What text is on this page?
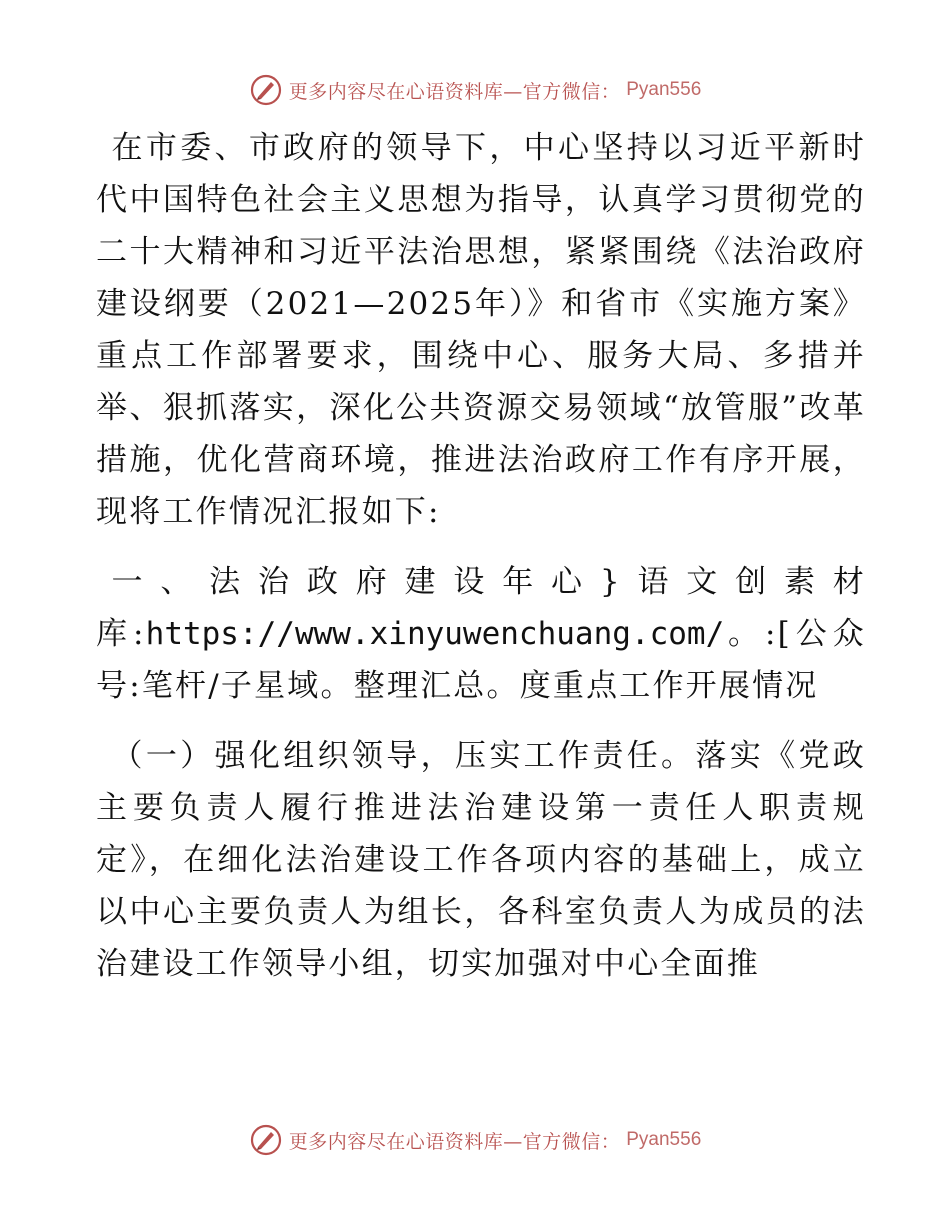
更多内容尽在心语资料库—官方微信： Pyan556

在市委、市政府的领导下，中心坚持以习近平新时代中国特色社会主义思想为指导，认真学习贯彻党的二十大精神和习近平法治思想，紧紧围绕《法治政府建设纲要（2021—2025年）》和省市《实施方案》重点工作部署要求，围绕中心、服务大局、多措并举、狠抓落实，深化公共资源交易领域“放管服”改革措施，优化营商环境，推进法治政府工作有序开展，现将工作情况汇报如下:

一、法治政府建设年心}语文创素材库:https://www.xinyuwenchuang.com/。:[公众号:笔杆/子星域。整理汇总。度重点工作开展情况

（一）强化组织领导，压实工作责任。落实《党政主要负责人履行推进法治建设第一责任人职责规定》，在细化法治建设工作各项内容的基础上，成立以中心主要负责人为组长，各科室负责人为成员的法治建设工作领导小组，切实加强对中心全面推

更多内容尽在心语资料库—官方微信： Pyan556
